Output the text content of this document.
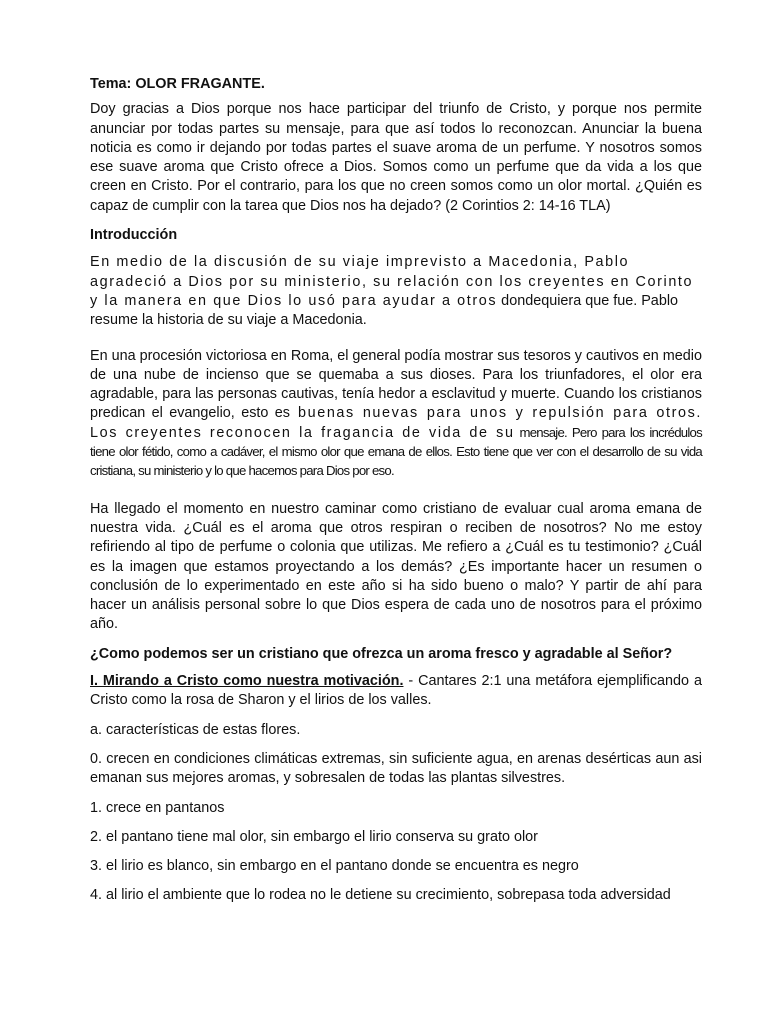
Tema: OLOR FRAGANTE.

Doy gracias a Dios porque nos hace participar del triunfo de Cristo, y porque nos permite anunciar por todas partes su mensaje, para que así todos lo reconozcan. Anunciar la buena noticia es como ir dejando por todas partes el suave aroma de un perfume. Y nosotros somos ese suave aroma que Cristo ofrece a Dios. Somos como un perfume que da vida a los que creen en Cristo. Por el contrario, para los que no creen somos como un olor mortal. ¿Quién es capaz de cumplir con la tarea que Dios nos ha dejado? (2 Corintios 2: 14-16 TLA)

Introducción

En medio de la discusión de su viaje imprevisto a Macedonia, Pablo agradeció a Dios por su ministerio, su relación con los creyentes en Corinto y la manera en que Dios lo usó para ayudar a otros dondequiera que fue. Pablo resume la historia de su viaje a Macedonia.

En una procesión victoriosa en Roma, el general podía mostrar sus tesoros y cautivos en medio de una nube de incienso que se quemaba a sus dioses. Para los triunfadores, el olor era agradable, para las personas cautivas, tenía hedor a esclavitud y muerte. Cuando los cristianos predican el evangelio, esto es buenas nuevas para unos y repulsión para otros. Los creyentes reconocen la fragancia de vida de su mensaje. Pero para los incrédulos tiene olor fétido, como a cadáver, el mismo olor que emana de ellos. Esto tiene que ver con el desarrollo de su vida cristiana, su ministerio y lo que hacemos para Dios por eso.

Ha llegado el momento en nuestro caminar como cristiano de evaluar cual aroma emana de nuestra vida. ¿Cuál es el aroma que otros respiran o reciben de nosotros? No me estoy refiriendo al tipo de perfume o colonia que utilizas. Me refiero a ¿Cuál es tu testimonio? ¿Cuál es la imagen que estamos proyectando a los demás? ¿Es importante hacer un resumen o conclusión de lo experimentado en este año si ha sido bueno o malo? Y partir de ahí para hacer un análisis personal sobre lo que Dios espera de cada uno de nosotros para el próximo año.

¿Como podemos ser un cristiano que ofrezca un aroma fresco y agradable al Señor?

I. Mirando a Cristo como nuestra motivación. - Cantares 2:1 una metáfora ejemplificando a Cristo como la rosa de Sharon y el lirios de los valles.

a. características de estas flores.

0. crecen en condiciones climáticas extremas, sin suficiente agua, en arenas desérticas aun asi emanan sus mejores aromas, y sobresalen de todas las plantas silvestres.

1. crece en pantanos

2. el pantano tiene mal olor, sin embargo el lirio conserva su grato olor

3. el lirio es blanco, sin embargo en el pantano donde se encuentra es negro

4. al lirio el ambiente que lo rodea no le detiene su crecimiento, sobrepasa toda adversidad
